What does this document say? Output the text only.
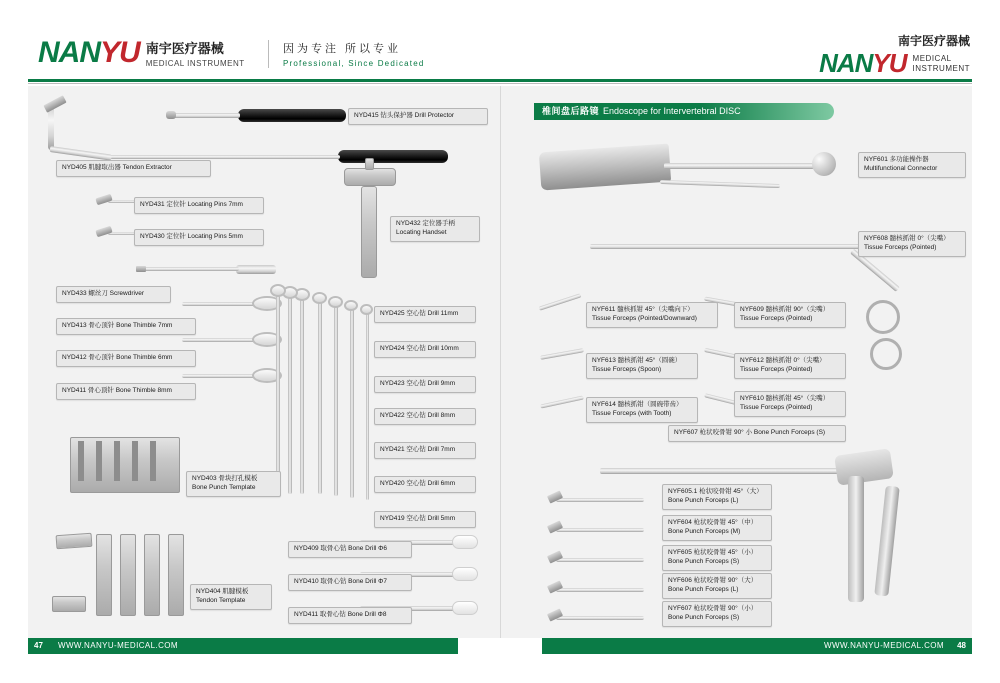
NANYU 南宇医疗器械
MEDICAL INSTRUMENT
因为专注 所以专业
Professional, Since Dedicated
南宇医疗器械
NANYU MEDICAL
INSTRUMENT
椎间盘后路镜 Endoscope for Intervertebral DISC
NYD415 钻头保护器 Drill Protector
NYD405 肌腱取出器 Tendon Extractor
NYD431 定位针 Locating Pins 7mm
NYD430 定位针 Locating Pins 5mm
NYD432 定位器手柄
Locating Handset
NYD433 螺丝刀 Screwdriver
NYD413 骨心顶针 Bone Thimble 7mm
NYD412 骨心顶针 Bone Thimble 6mm
NYD411 骨心顶针 Bone Thimble 8mm
NYD403 骨块打孔模板
Bone Punch Template
NYD404 肌腱模板
Tendon Template
NYD425 空心钻 Drill 11mm
NYD424 空心钻 Drill 10mm
NYD423 空心钻 Drill 9mm
NYD422 空心钻 Drill 8mm
NYD421 空心钻 Drill 7mm
NYD420 空心钻 Drill 6mm
NYD419 空心钻 Drill 5mm
NYD409 取骨心钻 Bone Drill Φ6
NYD410 取骨心钻 Bone Drill Φ7
NYD411 取骨心钻 Bone Drill Φ8
NYF601 多功能操作器
Multifunctional Connector
NYF608 髓核抓钳 0°（尖嘴）
Tissue Forceps (Pointed)
NYF611 髓核抓钳 45°（尖嘴向下）
Tissue Forceps (Pointed/Downward)
NYF609 髓核抓钳 90°（尖嘴）
Tissue Forceps (Pointed)
NYF613 髓核抓钳 45°（圆碗）
Tissue Forceps (Spoon)
NYF612 髓核抓钳 0°（尖嘴）
Tissue Forceps (Pointed)
NYF614 髓核抓钳（圆碗带齿）
Tissue Forceps (with Tooth)
NYF610 髓核抓钳 45°（尖嘴）
Tissue Forceps (Pointed)
NYF607 枪状咬骨钳 90° 小 Bone Punch Forceps (S)
NYF605.1 枪状咬骨钳 45°（大）
Bone Punch Forceps (L)
NYF604 枪状咬骨钳 45°（中）
Bone Punch Forceps (M)
NYF605 枪状咬骨钳 45°（小）
Bone Punch Forceps (S)
NYF606 枪状咬骨钳 90°（大）
Bone Punch Forceps (L)
NYF607 枪状咬骨钳 90°（小）
Bone Punch Forceps (S)
47 WWW.NANYU-MEDICAL.COM	WWW.NANYU-MEDICAL.COM 48
